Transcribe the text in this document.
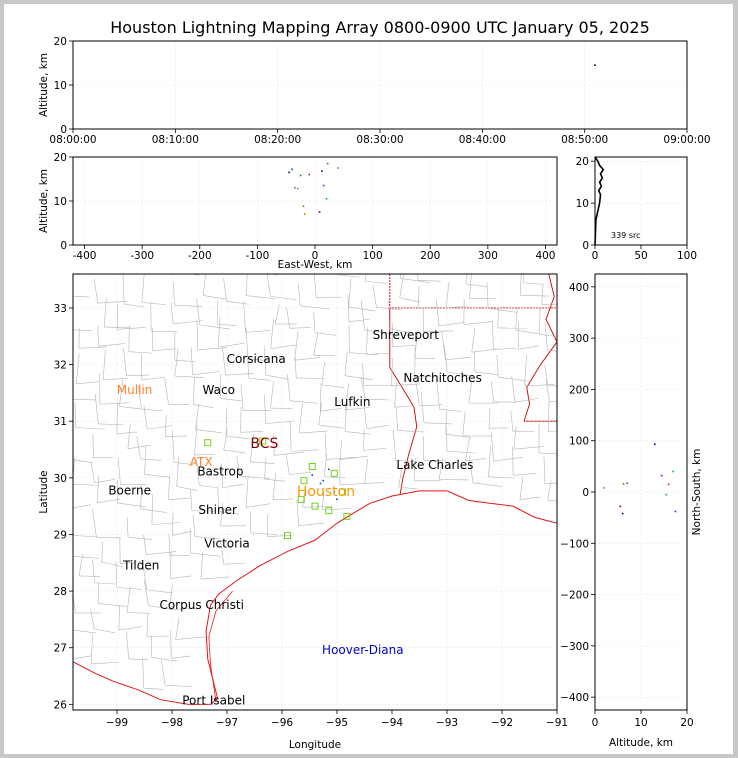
Houston Lightning Mapping Array 0800-0900 UTC January 05, 2025
08:00:00	08:10:00	08:20:00	08:30:00	08:40:00	08:50:00	09:00:00
0
10
20
Altitude, km
-400	-300	-200	-100	0	100	200	300	400
0
10
20
East-West, km
Altitude, km
0	50	100
0
10
20
339 src
−99	−98	−97	−96	−95	−94	−93	−92	−91
26
27
28
29
30
31
32
33
Longitude
Latitude
Shreveport
Corsicana
Natchitoches
Mullin	Waco
Lufkin
BCS
ATX
Bastrop	Lake Charles
Boerne	Houston
Shiner
Victoria
Tilden
Corpus Christi
Hoover-Diana
Port Isabel
0	10	20
−400
−300
−200
−100
0
100
200
300
400
Altitude, km
North-South, km
